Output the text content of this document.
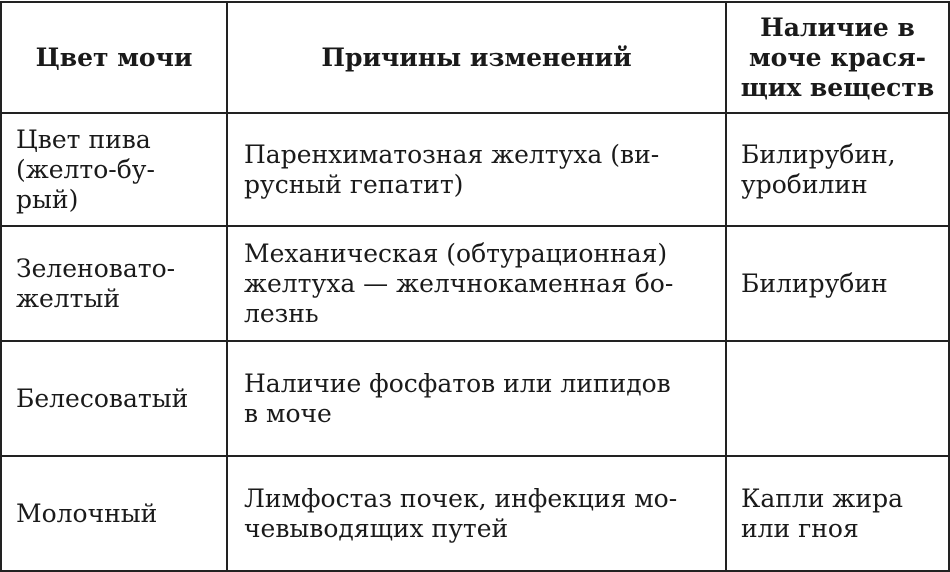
Цвет мочи	Причины изменений	Наличие в
моче крася-
щих веществ

Цвет пива
(желто-бу-
рый)	Паренхиматозная желтуха (ви-
русный гепатит)	Билирубин,
уробилин

Зеленовато-
желтый	Механическая (обтурационная)
желтуха — желчнокаменная бо-
лезнь	Билирубин

Белесоватый	Наличие фосфатов или липидов
в моче	

Молочный	Лимфостаз почек, инфекция мо-
чевыводящих путей	Капли жира
или гноя
